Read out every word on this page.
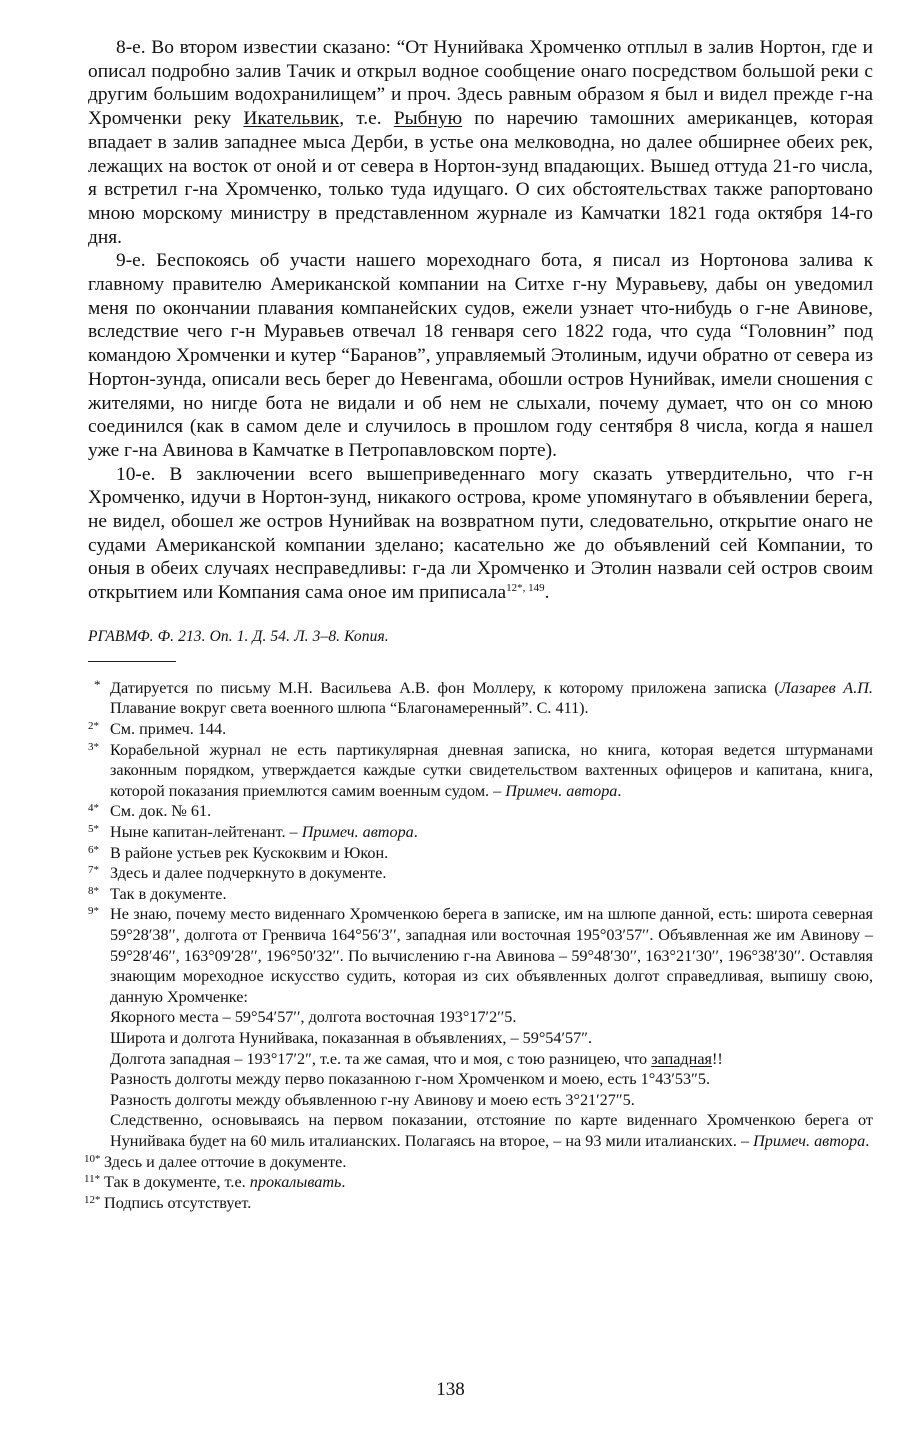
8-е. Во втором известии сказано: “От Нунийвака Хромченко отплыл в залив Нортон, где и описал подробно залив Тачик и открыл водное сообщение онаго посредством большой реки с другим большим водохранилищем” и проч. Здесь равным образом я был и видел прежде г-на Хромченки реку Икательвик, т.е. Рыбную по наречию тамошних американцев, которая впадает в залив западнее мыса Дерби, в устье она мелководна, но далее обширнее обеих рек, лежащих на восток от оной и от севера в Нортон-зунд впадающих. Вышед оттуда 21-го числа, я встретил г-на Хромченко, только туда идущаго. О сих обстоятельствах также рапортовано мною морскому министру в представленном журнале из Камчатки 1821 года октября 14-го дня.

9-е. Беспокоясь об участи нашего мореходнаго бота, я писал из Нортонова залива к главному правителю Американской компании на Ситхе г-ну Муравьеву, дабы он уведомил меня по окончании плавания компанейских судов, ежели узнает что-нибудь о г-не Авинове, вследствие чего г-н Муравьев отвечал 18 генваря сего 1822 года, что суда “Головнин” под командою Хромченки и кутер “Баранов”, управляемый Этолиным, идучи обратно от севера из Нортон-зунда, описали весь берег до Невенгама, обошли остров Нунийвак, имели сношения с жителями, но нигде бота не видали и об нем не слыхали, почему думает, что он со мною соединился (как в самом деле и случилось в прошлом году сентября 8 числа, когда я нашел уже г-на Авинова в Камчатке в Петропавловском порте).

10-е. В заключении всего вышеприведеннаго могу сказать утвердительно, что г-н Хромченко, идучи в Нортон-зунд, никакого острова, кроме упомянутаго в объявлении берега, не видел, обошел же остров Нунийвак на возвратном пути, следовательно, открытие онаго не судами Американской компании зделано; касательно же до объявлений сей Компании, то оныя в обеих случаях несправедливы: г-да ли Хромченко и Этолин назвали сей остров своим открытием или Компания сама оное им приписала$^{12*, 149}$.

РГАВМФ. Ф. 213. Оп. 1. Д. 54. Л. 3–8. Копия.
* Датируется по письму М.Н. Васильева А.В. фон Моллеру, к которому приложена записка (Лазарев А.П. Плавание вокруг света военного шлюпа “Благонамеренный”. С. 411).
2* См. примеч. 144.
3* Корабельной журнал не есть партикулярная дневная записка, но книга, которая ведется штурманами законным порядком, утверждается каждые сутки свидетельством вахтенных офицеров и капитана, книга, которой показания приемлются самим военным судом. – Примеч. автора.
4* См. док. № 61.
5* Ныне капитан-лейтенант. – Примеч. автора.
6* В районе устьев рек Кускоквим и Юкон.
7* Здесь и далее подчеркнуто в документе.
8* Так в документе.
9* Не знаю, почему место виденнаго Хромченкою берега в записке, им на шлюпе данной, есть: широта северная 59°28′38′′, долгота от Гренвича 164°56′3′′, западная или восточная 195°03′57′′. Объявленная же им Авинову – 59°28′46′′, 163°09′28′′, 196°50′32′′. По вычислению г-на Авинова – 59°48′30′′, 163°21′30′′, 196°38′30′′. Оставляя знающим мореходное искусство судить, которая из сих объявленных долгот справедливая, выпишу свою, данную Хромченке:
Якорного места – 59°54′57′′, долгота восточная 193°17′2′′5.
Широта и долгота Нунийвака, показанная в объявлениях, – 59°54′57″.
Долгота западная – 193°17′2″, т.е. та же самая, что и моя, с тою разницею, что западная!!
Разность долготы между перво показанною г-ном Хромченком и моею, есть 1°43′53″5.
Разность долготы между объявленною г-ну Авинову и моею есть 3°21′27″5.
Следственно, основываясь на первом показании, отстояние по карте виденнаго Хромченкою берега от Нунийвака будет на 60 миль италианских. Полагаясь на второе, – на 93 мили италианских. – Примеч. автора.
10* Здесь и далее отточие в документе.
11* Так в документе, т.е. прокалывать.
12* Подпись отсутствует.
138
